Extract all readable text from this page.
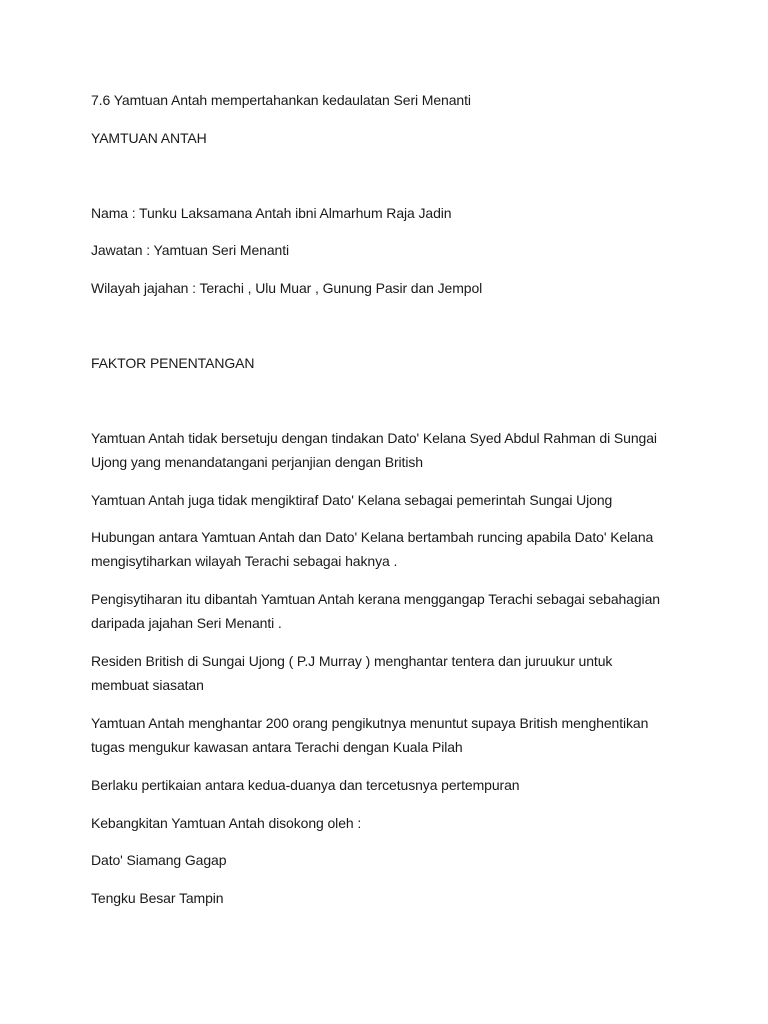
7.6 Yamtuan Antah mempertahankan kedaulatan Seri Menanti
YAMTUAN ANTAH
Nama : Tunku Laksamana Antah ibni Almarhum Raja Jadin
Jawatan : Yamtuan Seri Menanti
Wilayah jajahan : Terachi , Ulu Muar , Gunung Pasir dan Jempol
FAKTOR PENENTANGAN
Yamtuan Antah tidak bersetuju dengan tindakan Dato' Kelana Syed Abdul Rahman di Sungai Ujong yang menandatangani perjanjian dengan British
Yamtuan Antah juga tidak mengiktiraf Dato' Kelana sebagai pemerintah Sungai Ujong
Hubungan antara Yamtuan Antah dan Dato' Kelana bertambah runcing apabila Dato' Kelana mengisytiharkan wilayah Terachi sebagai haknya .
Pengisytiharan itu dibantah Yamtuan Antah kerana menggangap Terachi sebagai sebahagian daripada jajahan Seri Menanti .
Residen British di Sungai Ujong ( P.J Murray ) menghantar tentera dan juruukur untuk membuat siasatan
Yamtuan Antah menghantar 200 orang pengikutnya menuntut supaya British menghentikan tugas mengukur kawasan antara Terachi dengan Kuala Pilah
Berlaku pertikaian antara kedua-duanya dan tercetusnya pertempuran
Kebangkitan Yamtuan Antah disokong oleh :
Dato' Siamang Gagap
Tengku Besar Tampin
